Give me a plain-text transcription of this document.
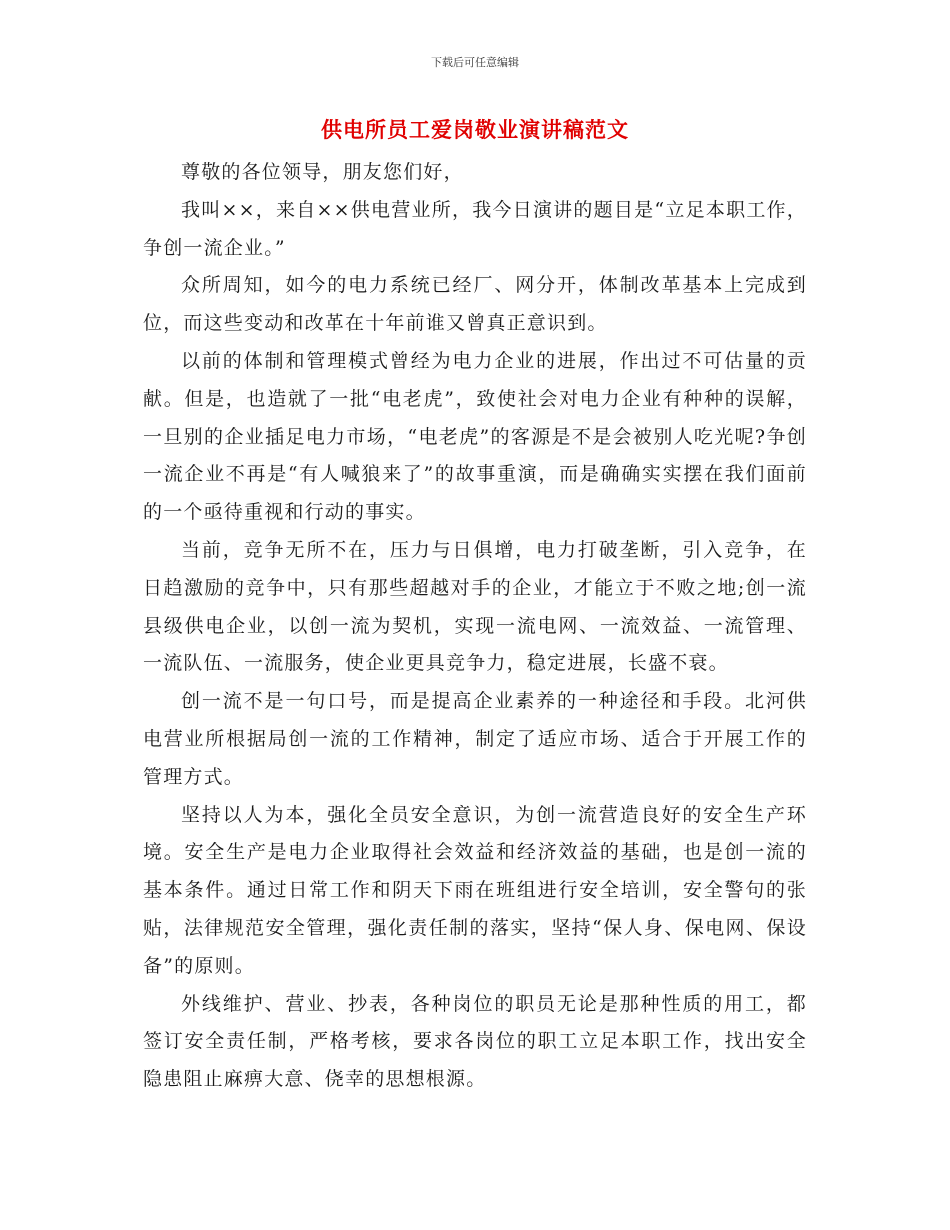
下载后可任意编辑
供电所员工爱岗敬业演讲稿范文

尊敬的各位领导，朋友您们好，

我叫××，来自××供电营业所，我今日演讲的题目是“立足本职工作，争创一流企业。”

众所周知，如今的电力系统已经厂、网分开，体制改革基本上完成到位，而这些变动和改革在十年前谁又曾真正意识到。

以前的体制和管理模式曾经为电力企业的进展，作出过不可估量的贡献。但是，也造就了一批“电老虎”，致使社会对电力企业有种种的误解，一旦别的企业插足电力市场，“电老虎”的客源是不是会被别人吃光呢?争创一流企业不再是“有人喊狼来了”的故事重演，而是确确实实摆在我们面前的一个亟待重视和行动的事实。

当前，竞争无所不在，压力与日俱增，电力打破垄断，引入竞争，在日趋激励的竞争中，只有那些超越对手的企业，才能立于不败之地;创一流县级供电企业，以创一流为契机，实现一流电网、一流效益、一流管理、一流队伍、一流服务，使企业更具竞争力，稳定进展，长盛不衰。

创一流不是一句口号，而是提高企业素养的一种途径和手段。北河供电营业所根据局创一流的工作精神，制定了适应市场、适合于开展工作的管理方式。

坚持以人为本，强化全员安全意识，为创一流营造良好的安全生产环境。安全生产是电力企业取得社会效益和经济效益的基础，也是创一流的基本条件。通过日常工作和阴天下雨在班组进行安全培训，安全警句的张贴，法律规范安全管理，强化责任制的落实，坚持“保人身、保电网、保设备”的原则。

外线维护、营业、抄表，各种岗位的职员无论是那种性质的用工，都签订安全责任制，严格考核，要求各岗位的职工立足本职工作，找出安全隐患阻止麻痹大意、侥幸的思想根源。
